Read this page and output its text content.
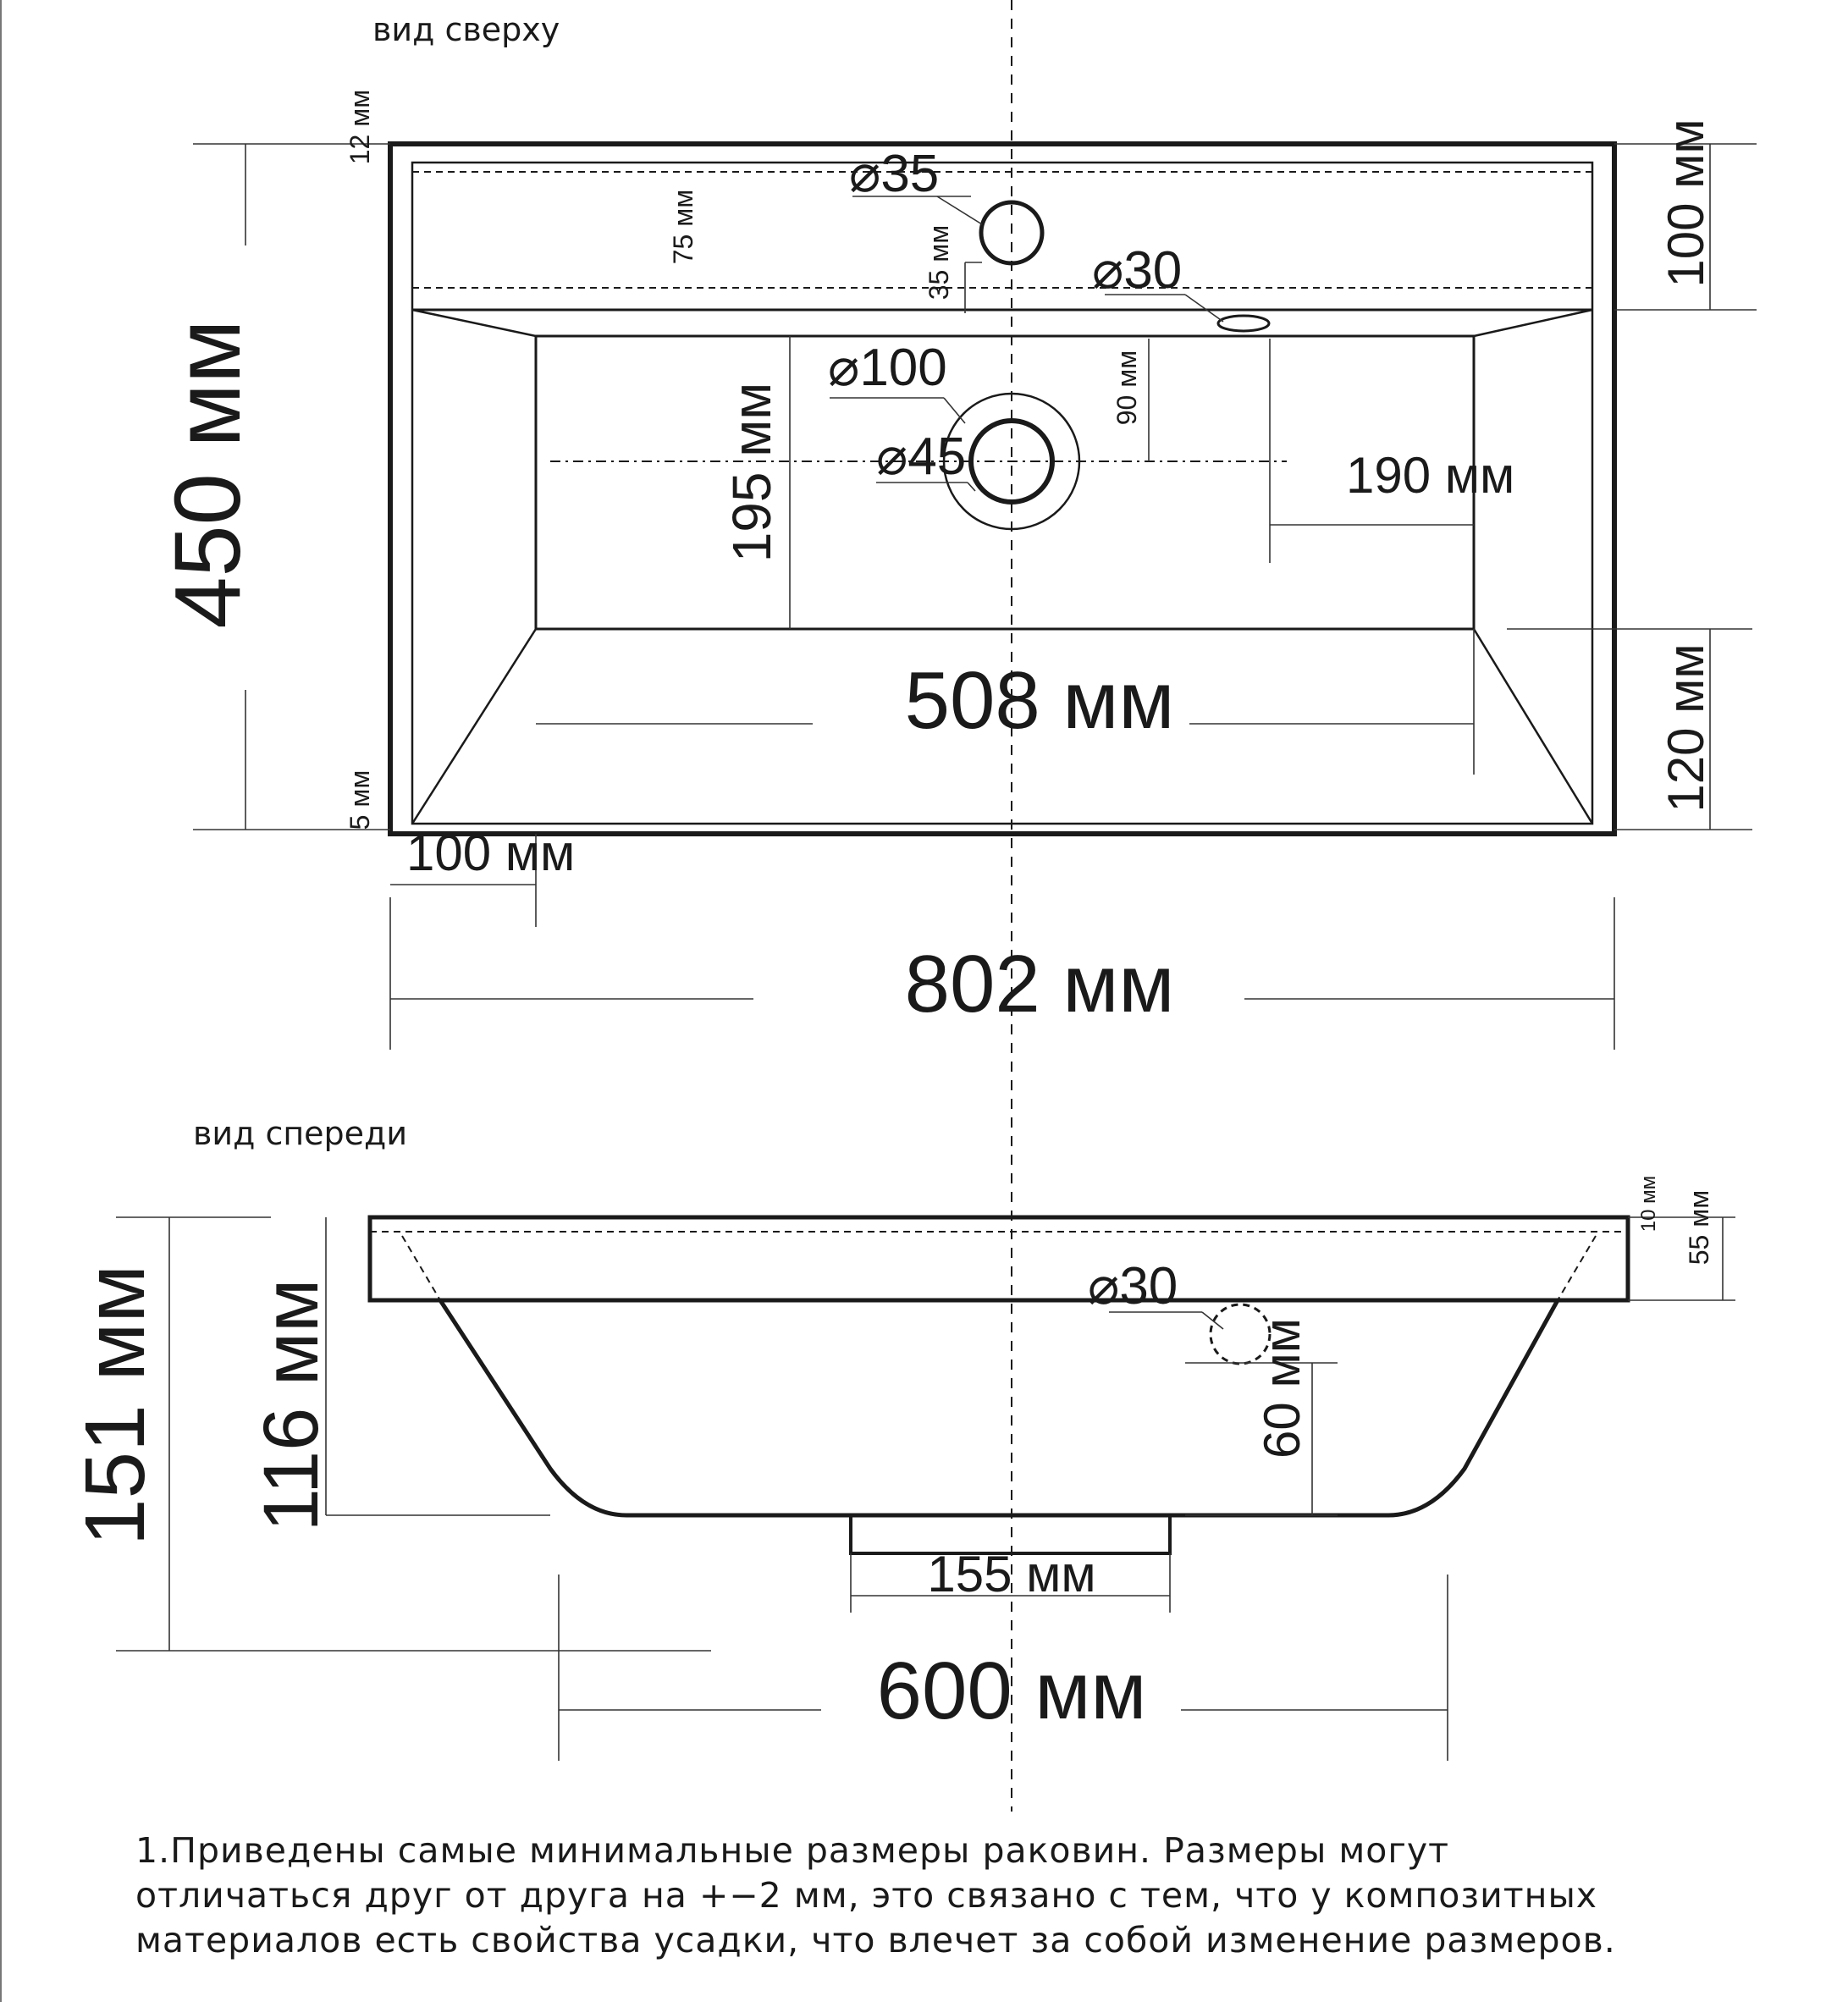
вид сверху
450 мм
802 мм
508 мм
195 мм
100 мм
120 мм
100 мм
190 мм
90 мм
12 мм
5 мм
75 мм	35 мм
⌀35
⌀30
⌀100
⌀45
вид спереди
151 мм 116 мм
55 мм
10 мм
⌀30
60 мм
155 мм
600 мм
1.Приведены самые минимальные размеры раковин. Размеры могут
отличаться друг от друга на +−2 мм, это связано с тем, что у композитных
материалов есть свойства усадки, что влечет за собой изменение размеров.
